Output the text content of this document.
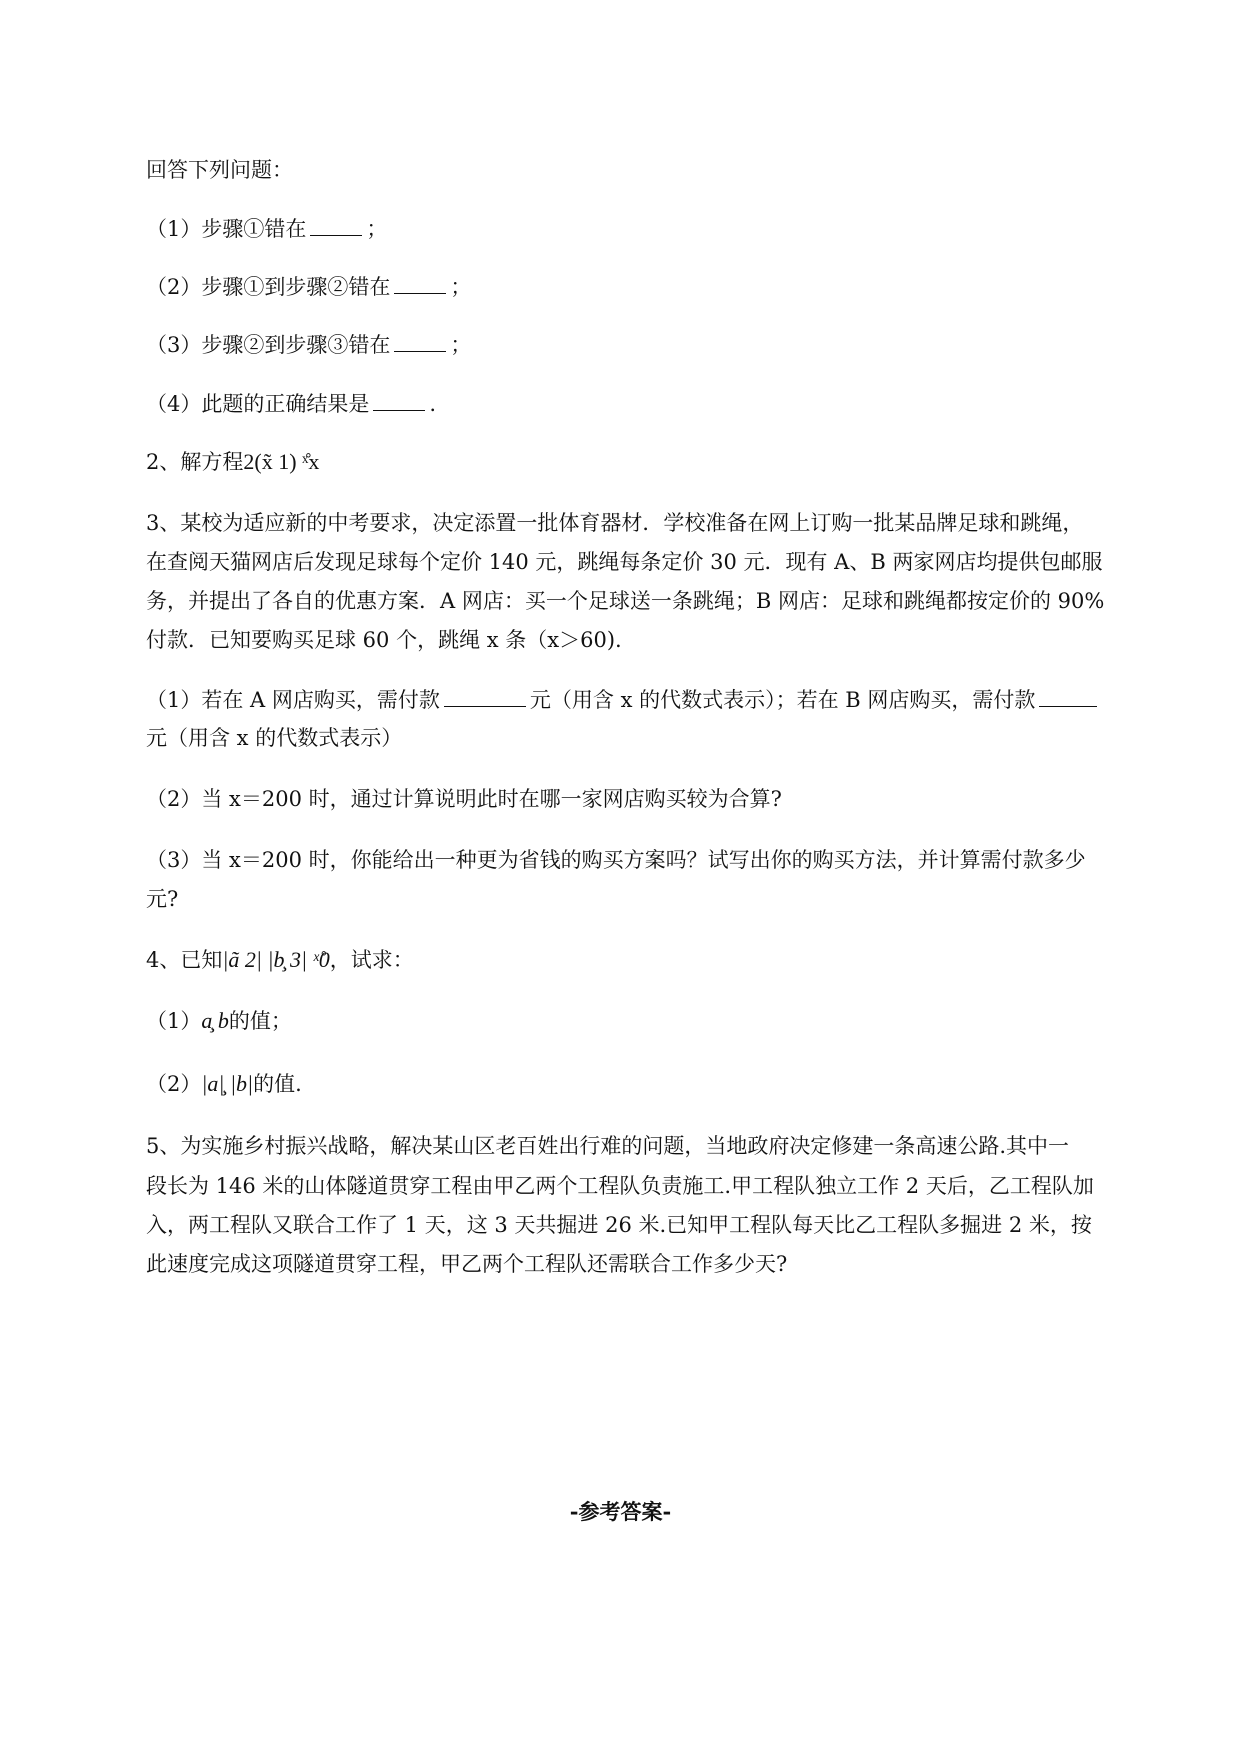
回答下列问题：
（1）步骤①错在	；
（2）步骤①到步骤②错在	；
（3）步骤②到步骤③错在	；
（4）此题的正确结果是	.
2、解方程2(x̃ 1) ˣ̊x
3、某校为适应新的中考要求，决定添置一批体育器材．学校准备在网上订购一批某品牌足球和跳绳，
在查阅天猫网店后发现足球每个定价 140 元，跳绳每条定价 30 元．现有 A、B 两家网店均提供包邮服
务，并提出了各自的优惠方案．A 网店：买一个足球送一条跳绳；B 网店：足球和跳绳都按定价的 90%
付款．已知要购买足球 60 个，跳绳 x 条（x＞60).
（1）若在 A 网店购买，需付款	元（用含 x 的代数式表示）；若在 B 网店购买，需付款
元（用含 x 的代数式表示）
（2）当 x＝200 时，通过计算说明此时在哪一家网店购买较为合算?
（3）当 x＝200 时，你能给出一种更为省钱的购买方案吗？试写出你的购买方法，并计算需付款多少
元?
4、已知|ã 2| |b̧ 3| ˣ̊0，试求：
（1）a̧ b的值；
（2）|a|̧ |b|的值.
5、为实施乡村振兴战略，解决某山区老百姓出行难的问题，当地政府决定修建一条高速公路.其中一
段长为 146 米的山体隧道贯穿工程由甲乙两个工程队负责施工.甲工程队独立工作 2 天后，乙工程队加
入，两工程队又联合工作了 1 天，这 3 天共掘进 26 米.已知甲工程队每天比乙工程队多掘进 2 米，按
此速度完成这项隧道贯穿工程，甲乙两个工程队还需联合工作多少天?
-参考答案-
